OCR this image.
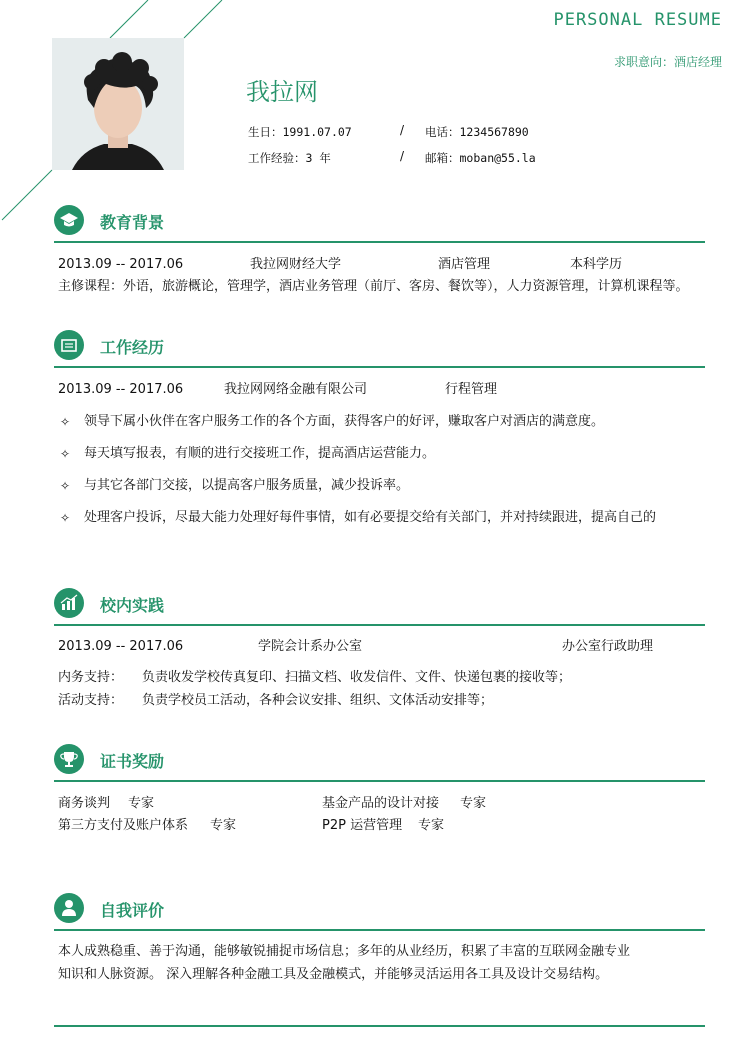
PERSONAL RESUME
求职意向：酒店经理
我拉网
生日：1991.07.07	/ 电话：1234567890
工作经验：3 年	/ 邮箱：moban@55.la
教育背景
2013.09 -- 2017.06	我拉网财经大学	酒店管理	本科学历
主修课程：外语，旅游概论，管理学，酒店业务管理（前厅、客房、餐饮等），人力资源管理，计算机课程等。
工作经历
2013.09 -- 2017.06	我拉网网络金融有限公司	行程管理
✧ 领导下属小伙伴在客户服务工作的各个方面，获得客户的好评，赚取客户对酒店的满意度。
✧ 每天填写报表，有顺的进行交接班工作，提高酒店运营能力。
✧ 与其它各部门交接，以提高客户服务质量，减少投诉率。
✧ 处理客户投诉，尽最大能力处理好每件事情，如有必要提交给有关部门，并对持续跟进，提高自己的
校内实践
2013.09 -- 2017.06	学院会计系办公室	办公室行政助理
内务支持： 负责收发学校传真复印、扫描文档、收发信件、文件、快递包裹的接收等；
活动支持： 负责学校员工活动，各种会议安排、组织、文体活动安排等；
证书奖励
商务谈判 专家	基金产品的设计对接 专家
第三方支付及账户体系 专家	P2P 运营管理 专家
自我评价
本人成熟稳重、善于沟通，能够敏锐捕捉市场信息；多年的从业经历，积累了丰富的互联网金融专业
知识和人脉资源。 深入理解各种金融工具及金融模式，并能够灵活运用各工具及设计交易结构。
